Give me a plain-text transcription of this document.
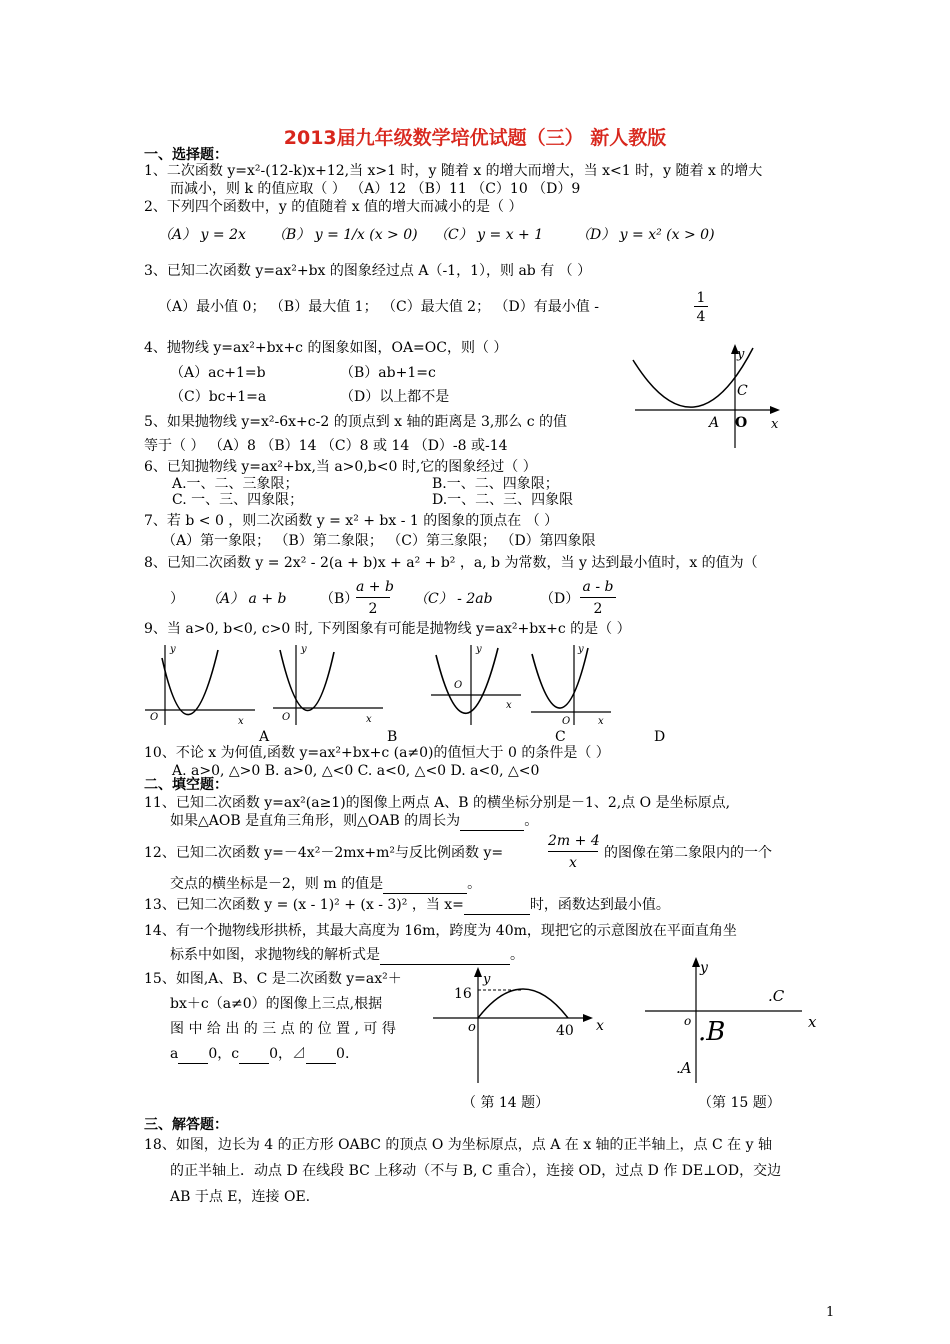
2013届九年级数学培优试题（三） 新人教版
一、选择题：
1、二次函数 y=x²-(12-k)x+12,当 x>1 时，y 随着 x 的增大而增大，当 x<1 时，y 随着 x 的增大
而减小，则 k 的值应取（ ） （A）12 （B）11 （C）10 （D）9
2、下列四个函数中，y 的值随着 x 值的增大而减小的是（ ）
（A） y = 2x （B） y = 1/x (x > 0) （C） y = x + 1 （D） y = x² (x > 0)
3、已知二次函数 y=ax²+bx 的图象经过点 A（-1，1），则 ab 有 （ ）
（A）最小值 0； （B）最大值 1； （C）最大值 2； （D）有最小值 -
1
4
4、抛物线 y=ax²+bx+c 的图象如图，OA=OC，则（ ）
（A）ac+1=b	（B）ab+1=c
（C）bc+1=a	（D）以上都不是
y
x
O
A
C
5、如果抛物线 y=x²-6x+c-2 的顶点到 x 轴的距离是 3,那么 c 的值
等于（ ） （A）8 （B）14 （C）8 或 14 （D）-8 或-14
6、已知抛物线 y=ax²+bx,当 a>0,b<0 时,它的图象经过（ ）
A.一、二、三象限；	B.一、二、四象限；
C. 一、三、四象限；	D.一、二、三、四象限
7、若 b < 0 ，则二次函数 y = x² + bx - 1 的图象的顶点在 （ ）
（A）第一象限； （B）第二象限； （C）第三象限； （D）第四象限
8、已知二次函数 y = 2x² - 2(a + b)x + a² + b² ，a, b 为常数，当 y 达到最小值时，x 的值为（
） （A） a + b （B）
a + b
2
（C） - 2ab	（D）
a - b
2
9、当 a>0, b<0, c>0 时, 下列图象有可能是抛物线 y=ax²+bx+c 的是（ ）
O	x
y
O	x
y
O
x
y
O	x
y
A	B	C	D
10、不论 x 为何值,函数 y=ax²+bx+c (a≠0)的值恒大于 0 的条件是（ ）
A. a>0, △>0 B. a>0, △<0 C. a<0, △<0 D. a<0, △<0
二、填空题：
11、已知二次函数 y=ax²(a≥1)的图像上两点 A、B 的横坐标分别是－1、2,点 O 是坐标原点,
如果△AOB 是直角三角形，则△OAB 的周长为	。
12、已知二次函数 y=－4x²－2mx+m²与反比例函数 y=
2m + 4
x
的图像在第二象限内的一个
交点的横坐标是－2，则 m 的值是	。
13、已知二次函数 y = (x - 1)² + (x - 3)² ，当 x=	时，函数达到最小值。
14、有一个抛物线形拱桥，其最大高度为 16m，跨度为 40m，现把它的示意图放在平面直角坐
标系中如图，求抛物线的解析式是	。
15、如图,A、B、C 是二次函数 y=ax²＋
bx＋c（a≠0）的图像上三点,根据
图 中 给 出 的 三 点 的 位 置 , 可 得
a 0，c 0，⊿ 0.
y
x
o
16
40
（ 第 14 题）
y
x
o
.C
.B
.A
（第 15 题）
三、解答题：
18、如图，边长为 4 的正方形 OABC 的顶点 O 为坐标原点，点 A 在 x 轴的正半轴上，点 C 在 y 轴
的正半轴上．动点 D 在线段 BC 上移动（不与 B, C 重合），连接 OD，过点 D 作 DE⊥OD，交边
AB 于点 E，连接 OE.
1
